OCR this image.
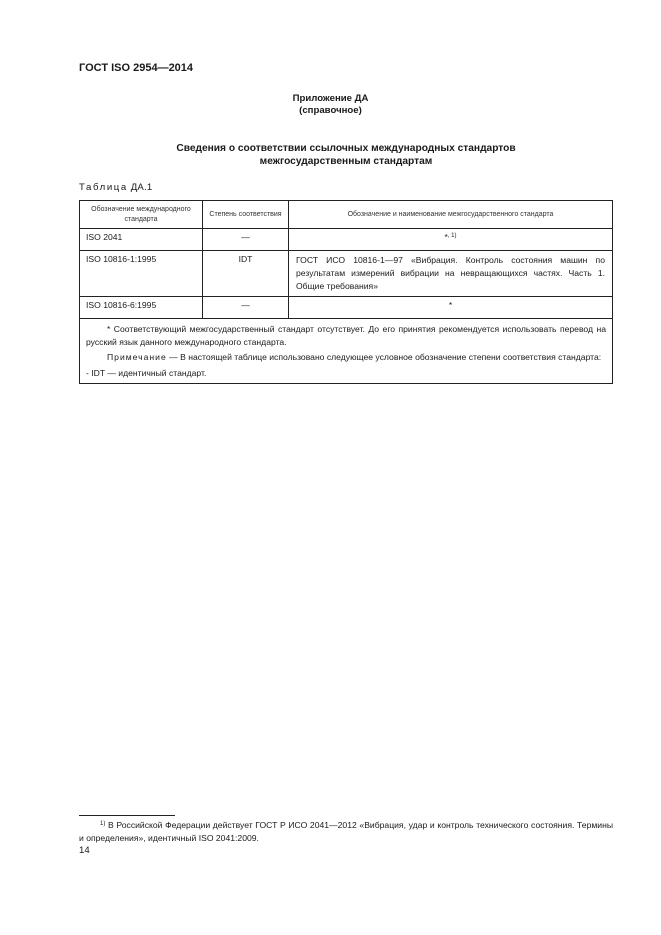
ГОСТ ISO 2954—2014
Приложение ДА
(справочное)
Сведения о соответствии ссылочных международных стандартов межгосударственным стандартам
Таблица ДА.1
Обозначение международного стандарта	Степень соответствия	Обозначение и наименование межгосударственного стандарта
ISO 2041	—	*$^{, 1)}$
ISO 10816-1:1995	IDT	ГОСТ ИСО 10816-1—97 «Вибрация. Контроль состояния машин по результатам измерений вибрации на невращающихся частях. Часть 1. Общие требования»
ISO 10816-6:1995	—	*

* Соответствующий межгосударственный стандарт отсутствует. До его принятия рекомендуется использовать перевод на русский язык данного международного стандарта.

Примечание — В настоящей таблице использовано следующее условное обозначение степени соответствия стандарта:

- IDT — идентичный стандарт.		

$^{1)}$ В Российской Федерации действует ГОСТ Р ИСО 2041—2012 «Вибрация, удар и контроль технического состояния. Термины и определения», идентичный ISO 2041:2009.
14
